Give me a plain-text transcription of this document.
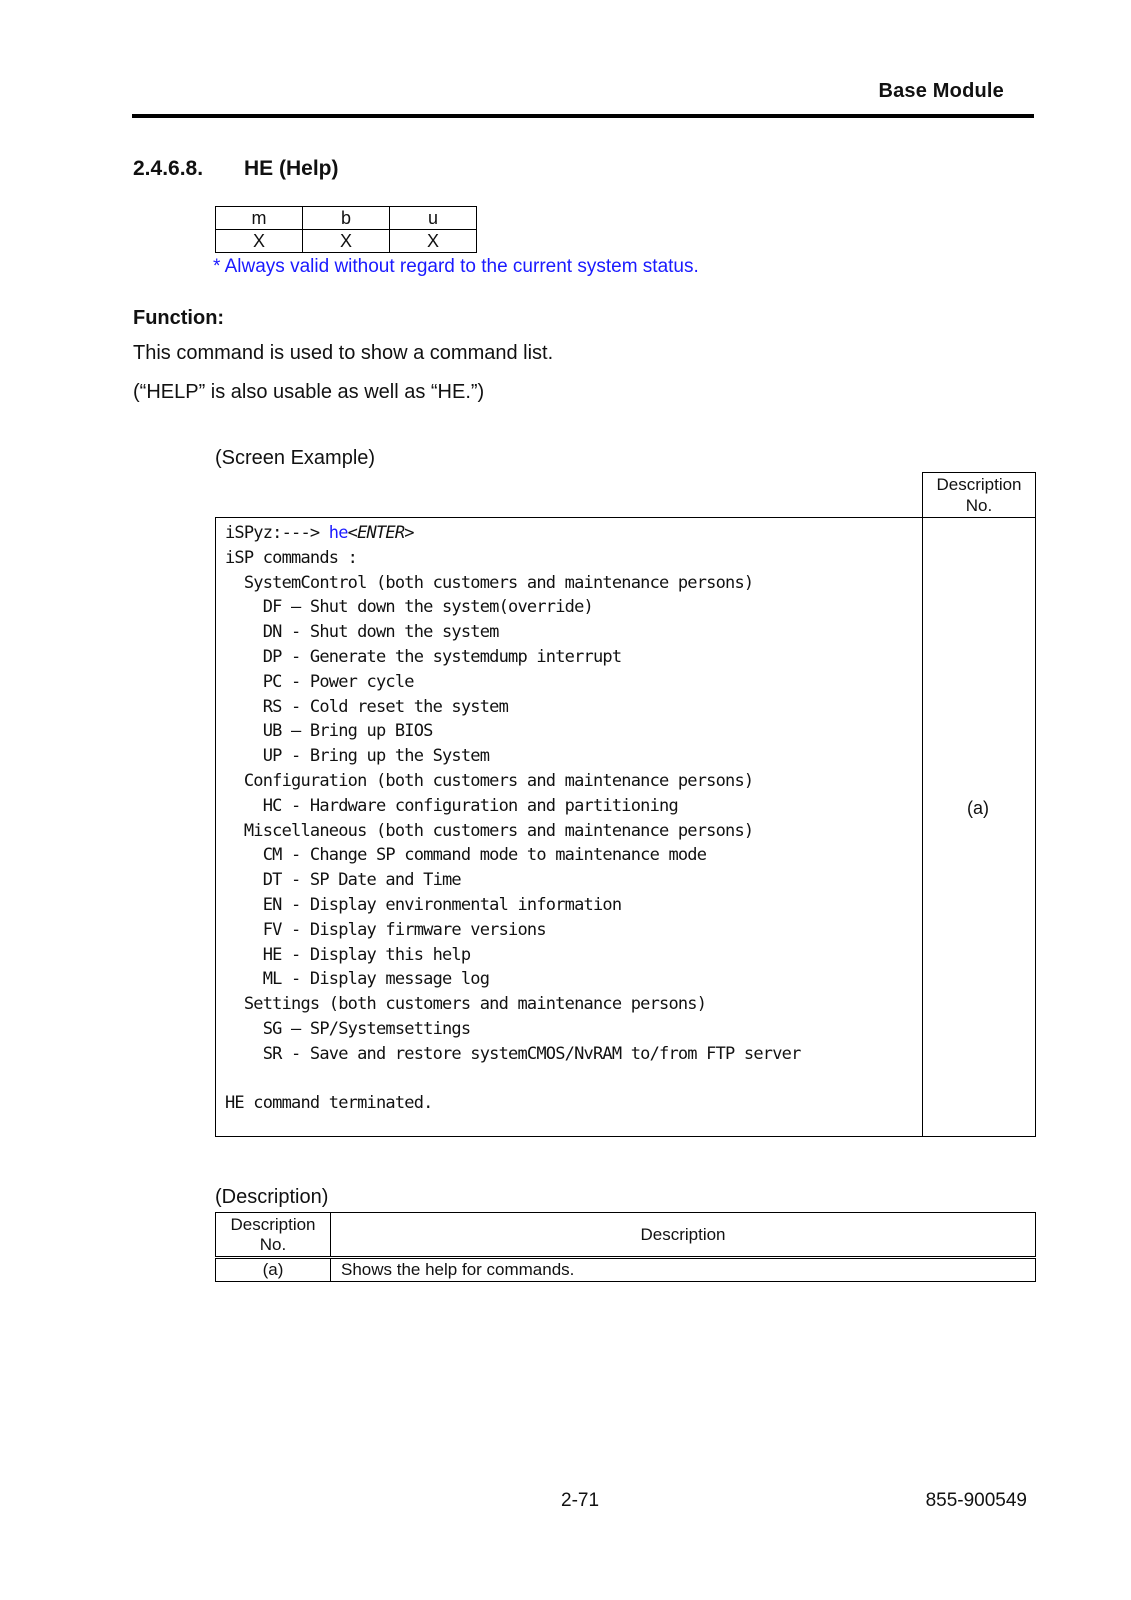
Base Module
2.4.6.8. HE (Help)
m	b	u
X	X	X
* Always valid without regard to the current system status.
Function:
This command is used to show a command list.
(“HELP” is also usable as well as “HE.”)
(Screen Example)
Description
No.
iSPyz:---> he<ENTER>
iSP commands :
SystemControl (both customers and maintenance persons)
DF – Shut down the system(override)
DN - Shut down the system
DP - Generate the systemdump interrupt
PC - Power cycle
RS - Cold reset the system
UB – Bring up BIOS
UP - Bring up the System
Configuration (both customers and maintenance persons)
HC - Hardware configuration and partitioning
Miscellaneous (both customers and maintenance persons)
CM - Change SP command mode to maintenance mode
DT - SP Date and Time
EN - Display environmental information
FV - Display firmware versions
HE - Display this help
ML - Display message log
Settings (both customers and maintenance persons)
SG – SP/Systemsettings
SR - Save and restore systemCMOS/NvRAM to/from FTP server

HE command terminated.
(a)
(Description)
Description
No.	Description
(a)	Shows the help for commands.
2-71	855-900549
